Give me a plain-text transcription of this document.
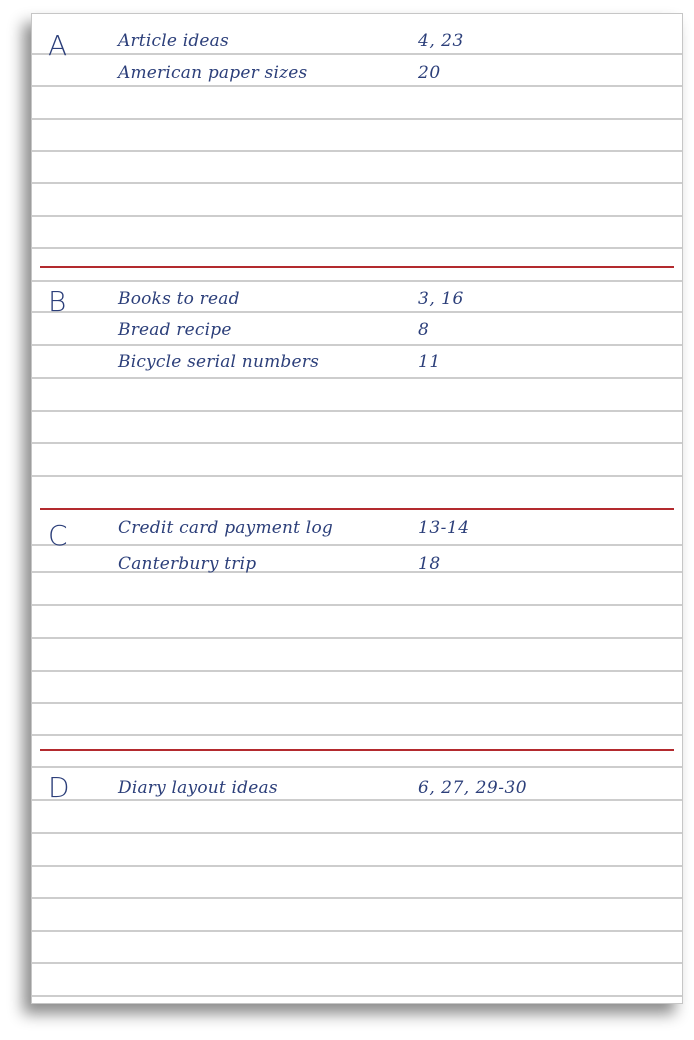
A	Article ideas	4, 23
American paper sizes	20
B	Books to read	3, 16
Bread recipe	8
Bicycle serial numbers	11
C	Credit card payment log	13-14
Canterbury trip	18
D	Diary layout ideas	6, 27, 29-30
